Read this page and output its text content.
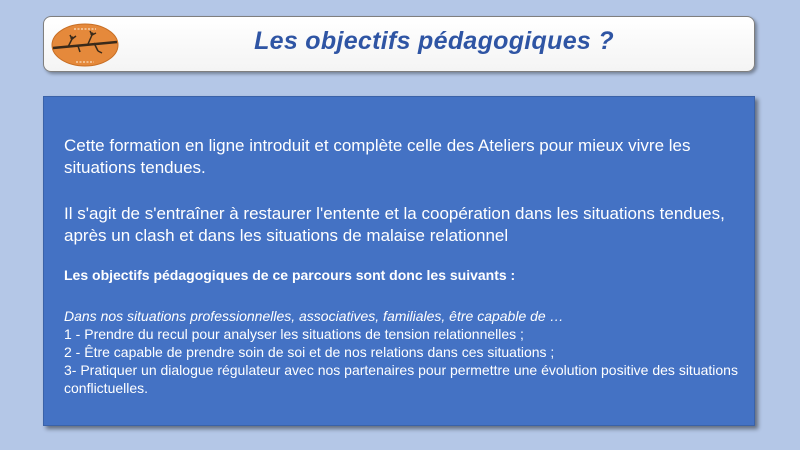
Les objectifs pédagogiques ?

Cette formation en ligne introduit et complète celle des Ateliers pour mieux vivre les situations tendues.

Il s'agit de s'entraîner à restaurer l'entente et la coopération dans les situations tendues, après un clash et dans les situations de malaise relationnel

Les objectifs pédagogiques de ce parcours sont donc les suivants :

Dans nos situations professionnelles, associatives, familiales, être capable de …
1 - Prendre du recul pour analyser les situations de tension relationnelles ;
2 - Être capable de prendre soin de soi et de nos relations dans ces situations ;
3- Pratiquer un dialogue régulateur avec nos partenaires pour permettre une évolution positive des situations conflictuelles.
